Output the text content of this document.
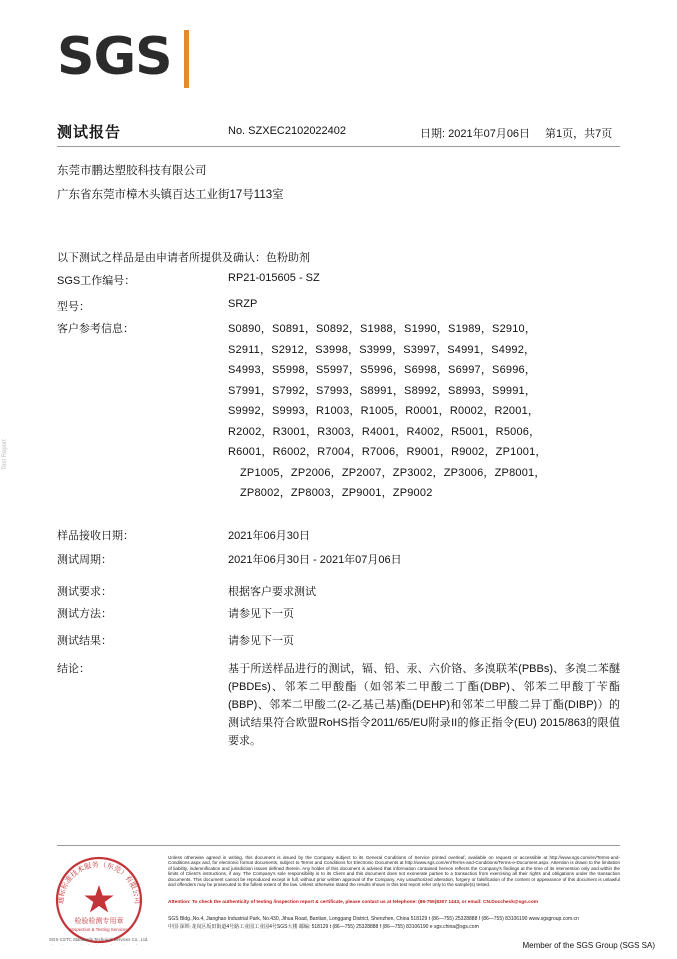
SGS
测试报告	No. SZXEC2102022402	日期: 2021年07月06日 第1页，共7页
东莞市鹏达塑胶科技有限公司
广东省东莞市樟木头镇百达工业街17号113室
以下测试之样品是由申请者所提供及确认：色粉助剂
SGS工作编号：	RP21-015605 - SZ
型号：	SRZP
客户参考信息：	S0890，S0891，S0892，S1988，S1990，S1989，S2910，
S2911，S2912，S3998，S3999，S3997，S4991，S4992，
S4993，S5998，S5997，S5996，S6998，S6997，S6996，
S7991，S7992，S7993，S8991，S8992，S8993，S9991，
S9992，S9993，R1003，R1005，R0001，R0002，R2001，
R2002，R3001，R3003，R4001，R4002，R5001，R5006，
R6001，R6002，R7004，R7006，R9001，R9002，ZP1001，
ZP1005，ZP2006，ZP2007，ZP3002，ZP3006，ZP8001，
ZP8002，ZP8003，ZP9001，ZP9002
样品接收日期：	2021年06月30日
测试周期：	2021年06月30日 - 2021年07月06日
测试要求：	根据客户要求测试
测试方法：	请参见下一页
测试结果：	请参见下一页
结论：	基于所送样品进行的测试，镉、铅、汞、六价铬、多溴联苯(PBBs)、多溴二苯醚(PBDEs)、邻苯二甲酸酯（如邻苯二甲酸二丁酯(DBP)、邻苯二甲酸丁苄酯(BBP)、邻苯二甲酸二(2-乙基己基)酯(DEHP)和邻苯二甲酸二异丁酯(DIBP)）的测试结果符合欧盟RoHS指令2011/65/EU附录II的修正指令(EU) 2015/863的限值要求。
通标标准技术服务（东莞）有限公司
检验检测专用章
Inspection & Testing Services
SGS-CSTC Standards Technical Services Co., Ltd.
Unless otherwise agreed in writing, this document is issued by the Company subject to its General Conditions of Service printed overleaf, available on request or accessible at http://www.sgs.com/en/Terms-and-Conditions.aspx and, for electronic format documents, subject to Terms and Conditions for Electronic Documents at http://www.sgs.com/en/Terms-and-Conditions/Terms-e-Document.aspx. Attention is drawn to the limitation of liability, indemnification and jurisdiction issues defined therein. Any holder of this document is advised that information contained hereon reflects the Company's findings at the time of its intervention only and within the limits of Client's instructions, if any. The Company's sole responsibility is to its Client and this document does not exonerate parties to a transaction from exercising all their rights and obligations under the transaction documents. This document cannot be reproduced except in full, without prior written approval of the Company. Any unauthorized alteration, forgery or falsification of the content or appearance of this document is unlawful and offenders may be prosecuted to the fullest extent of the law. Unless otherwise stated the results shown in this test report refer only to the sample(s) tested.
Attention: To check the authenticity of testing /inspection report & certificate, please contact us at telephone: (86-755)8307 1443, or email: CN.Doccheck@sgs.com
SGS Bldg.,No.4, Jianghao Industrial Park, No.430, Jihua Road, Bantian, Longgang District, Shenzhen, China 518129 t (86—755) 25328888 f (86—755) 83106190 www.sgsgroup.com.cn
中国·深圳·龙岗区坂田街道4号路工业园工业园4号SGS大楼 邮编: 518129 t (86—755) 25328888 f (86—755) 83106190 e sgs.china@sgs.com
Member of the SGS Group (SGS SA)
Test Report
